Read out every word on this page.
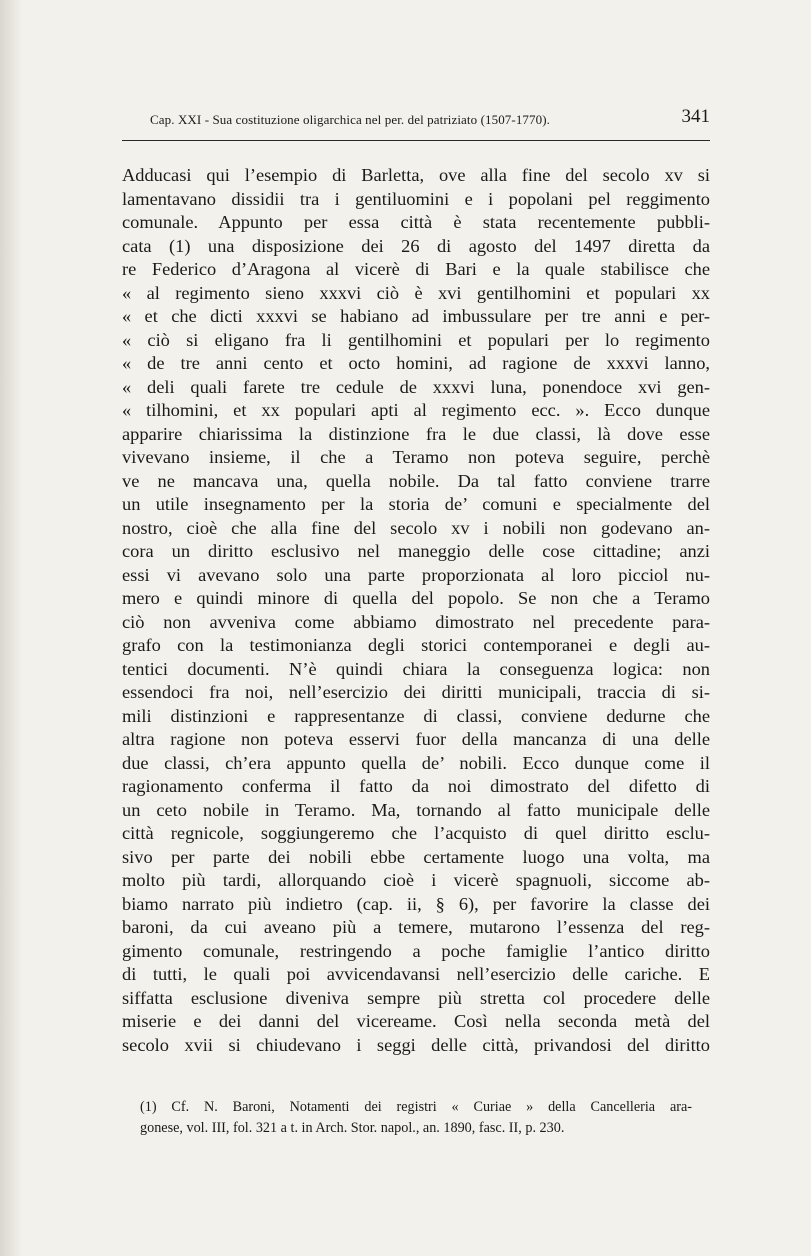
Cap. XXI - Sua costituzione oligarchica nel per. del patriziato (1507-1770).	341
Adducasi qui l’esempio di Barletta, ove alla fine del secolo xv si
lamentavano dissidii tra i gentiluomini e i popolani pel reggimento
comunale. Appunto per essa città è stata recentemente pubbli-
cata (1) una disposizione dei 26 di agosto del 1497 diretta da
re Federico d’Aragona al vicerè di Bari e la quale stabilisce che
« al regimento sieno xxxvi ciò è xvi gentilhomini et populari xx
« et che dicti xxxvi se habiano ad imbussulare per tre anni e per-
« ciò si eligano fra li gentilhomini et populari per lo regimento
« de tre anni cento et octo homini, ad ragione de xxxvi lanno,
« deli quali farete tre cedule de xxxvi luna, ponendoce xvi gen-
« tilhomini, et xx populari apti al regimento ecc. ». Ecco dunque
apparire chiarissima la distinzione fra le due classi, là dove esse
vivevano insieme, il che a Teramo non poteva seguire, perchè
ve ne mancava una, quella nobile. Da tal fatto conviene trarre
un utile insegnamento per la storia de’ comuni e specialmente del
nostro, cioè che alla fine del secolo xv i nobili non godevano an-
cora un diritto esclusivo nel maneggio delle cose cittadine; anzi
essi vi avevano solo una parte proporzionata al loro picciol nu-
mero e quindi minore di quella del popolo. Se non che a Teramo
ciò non avveniva come abbiamo dimostrato nel precedente para-
grafo con la testimonianza degli storici contemporanei e degli au-
tentici documenti. N’è quindi chiara la conseguenza logica: non
essendoci fra noi, nell’esercizio dei diritti municipali, traccia di si-
mili distinzioni e rappresentanze di classi, conviene dedurne che
altra ragione non poteva esservi fuor della mancanza di una delle
due classi, ch’era appunto quella de’ nobili. Ecco dunque come il
ragionamento conferma il fatto da noi dimostrato del difetto di
un ceto nobile in Teramo. Ma, tornando al fatto municipale delle
città regnicole, soggiungeremo che l’acquisto di quel diritto esclu-
sivo per parte dei nobili ebbe certamente luogo una volta, ma
molto più tardi, allorquando cioè i vicerè spagnuoli, siccome ab-
biamo narrato più indietro (cap. ii, § 6), per favorire la classe dei
baroni, da cui aveano più a temere, mutarono l’essenza del reg-
gimento comunale, restringendo a poche famiglie l’antico diritto
di tutti, le quali poi avvicendavansi nell’esercizio delle cariche. E
siffatta esclusione diveniva sempre più stretta col procedere delle
miserie e dei danni del vicereame. Così nella seconda metà del
secolo xvii si chiudevano i seggi delle città, privandosi del diritto
(1) Cf. N. Baroni, Notamenti dei registri « Curiae » della Cancelleria ara-
gonese, vol. III, fol. 321 a t. in Arch. Stor. napol., an. 1890, fasc. II, p. 230.
